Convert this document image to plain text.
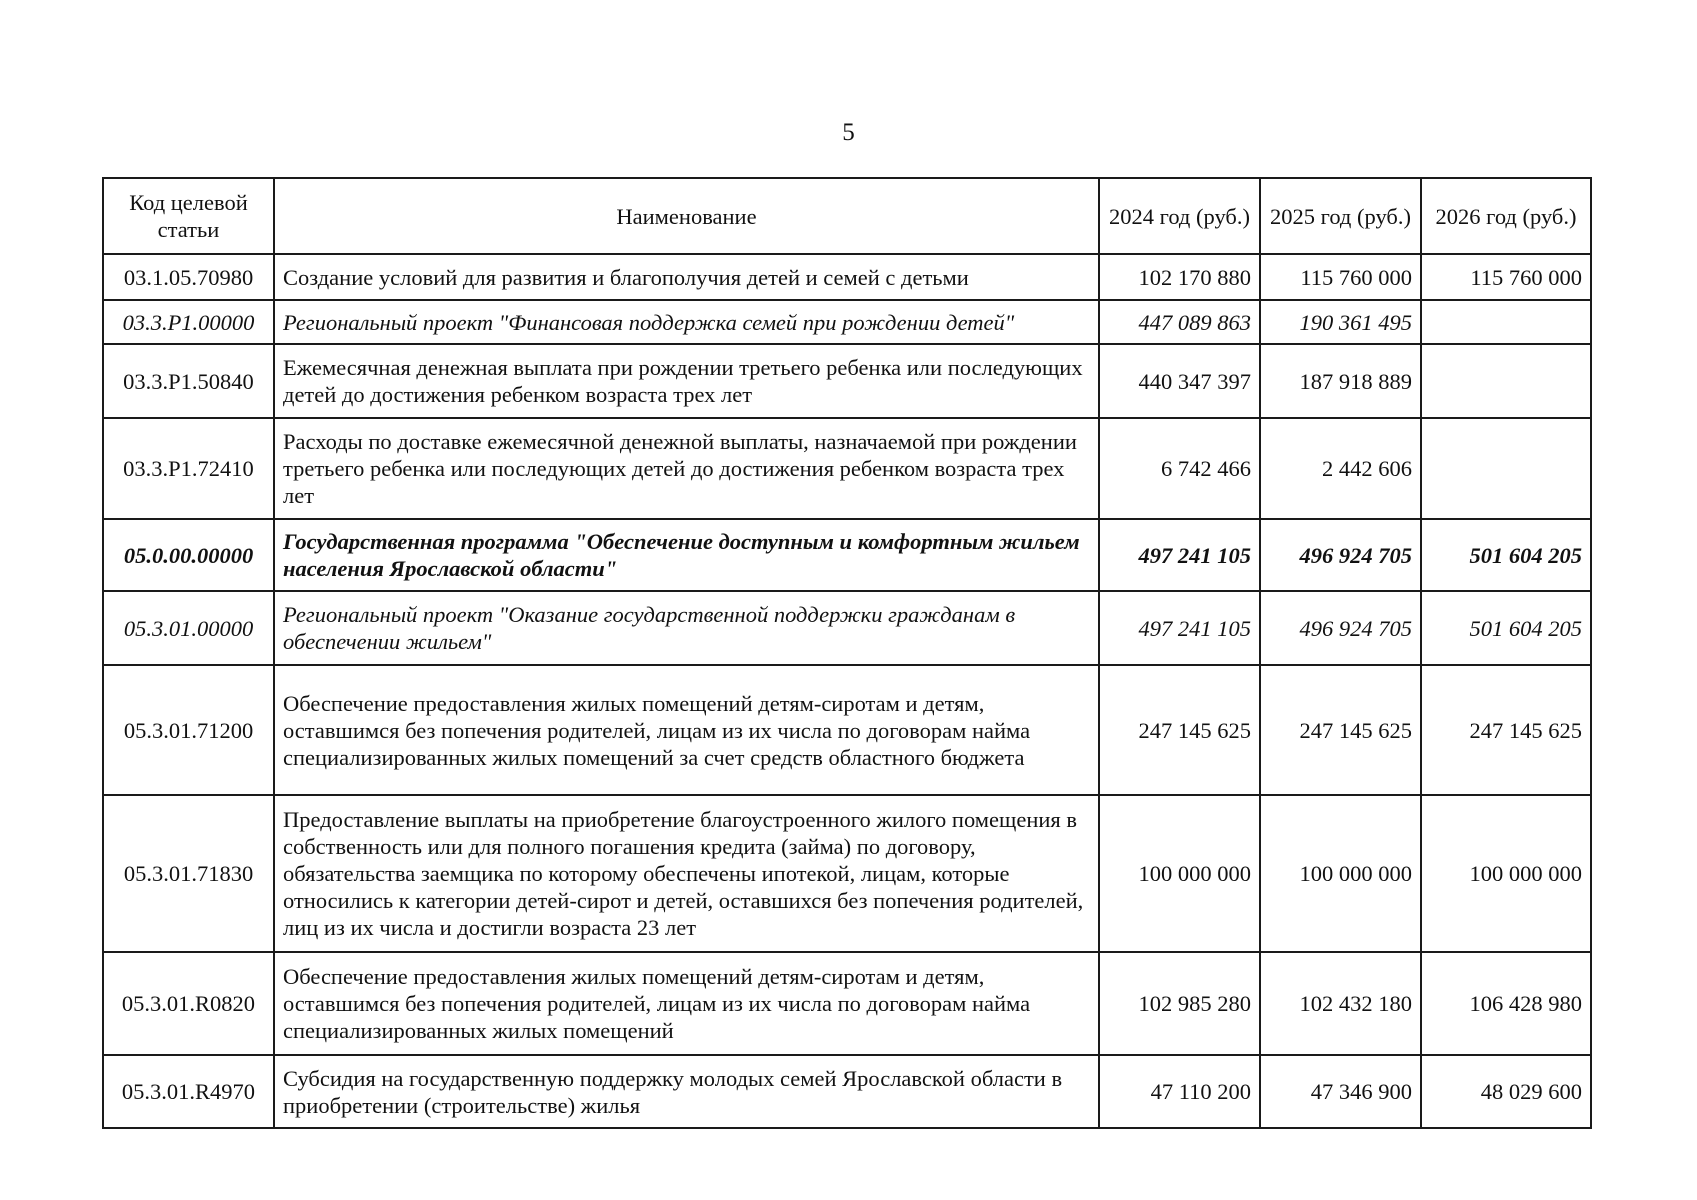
5
Код целевой статьи	Наименование	2024 год (руб.)	2025 год (руб.)	2026 год (руб.)
03.1.05.70980	Создание условий для развития и благополучия детей и семей с детьми	102 170 880	115 760 000	115 760 000
03.3.P1.00000	Региональный проект "Финансовая поддержка семей при рождении детей"	447 089 863	190 361 495	
03.3.P1.50840	Ежемесячная денежная выплата при рождении третьего ребенка или последующих детей до достижения ребенком возраста трех лет	440 347 397	187 918 889	
03.3.P1.72410	Расходы по доставке ежемесячной денежной выплаты, назначаемой при рождении третьего ребенка или последующих детей до достижения ребенком возраста трех лет	6 742 466	2 442 606	
05.0.00.00000	Государственная программа "Обеспечение доступным и комфортным жильем населения Ярославской области"	497 241 105	496 924 705	501 604 205
05.3.01.00000	Региональный проект "Оказание государственной поддержки гражданам в обеспечении жильем"	497 241 105	496 924 705	501 604 205
05.3.01.71200	Обеспечение предоставления жилых помещений детям-сиротам и детям, оставшимся без попечения родителей, лицам из их числа по договорам найма специализированных жилых помещений за счет средств областного бюджета	247 145 625	247 145 625	247 145 625
05.3.01.71830	Предоставление выплаты на приобретение благоустроенного жилого помещения в собственность или для полного погашения кредита (займа) по договору, обязательства заемщика по которому обеспечены ипотекой, лицам, которые относились к категории детей-сирот и детей, оставшихся без попечения родителей, лиц из их числа и достигли возраста 23 лет	100 000 000	100 000 000	100 000 000
05.3.01.R0820	Обеспечение предоставления жилых помещений детям-сиротам и детям, оставшимся без попечения родителей, лицам из их числа по договорам найма специализированных жилых помещений	102 985 280	102 432 180	106 428 980
05.3.01.R4970	Субсидия на государственную поддержку молодых семей Ярославской области в приобретении (строительстве) жилья	47 110 200	47 346 900	48 029 600
